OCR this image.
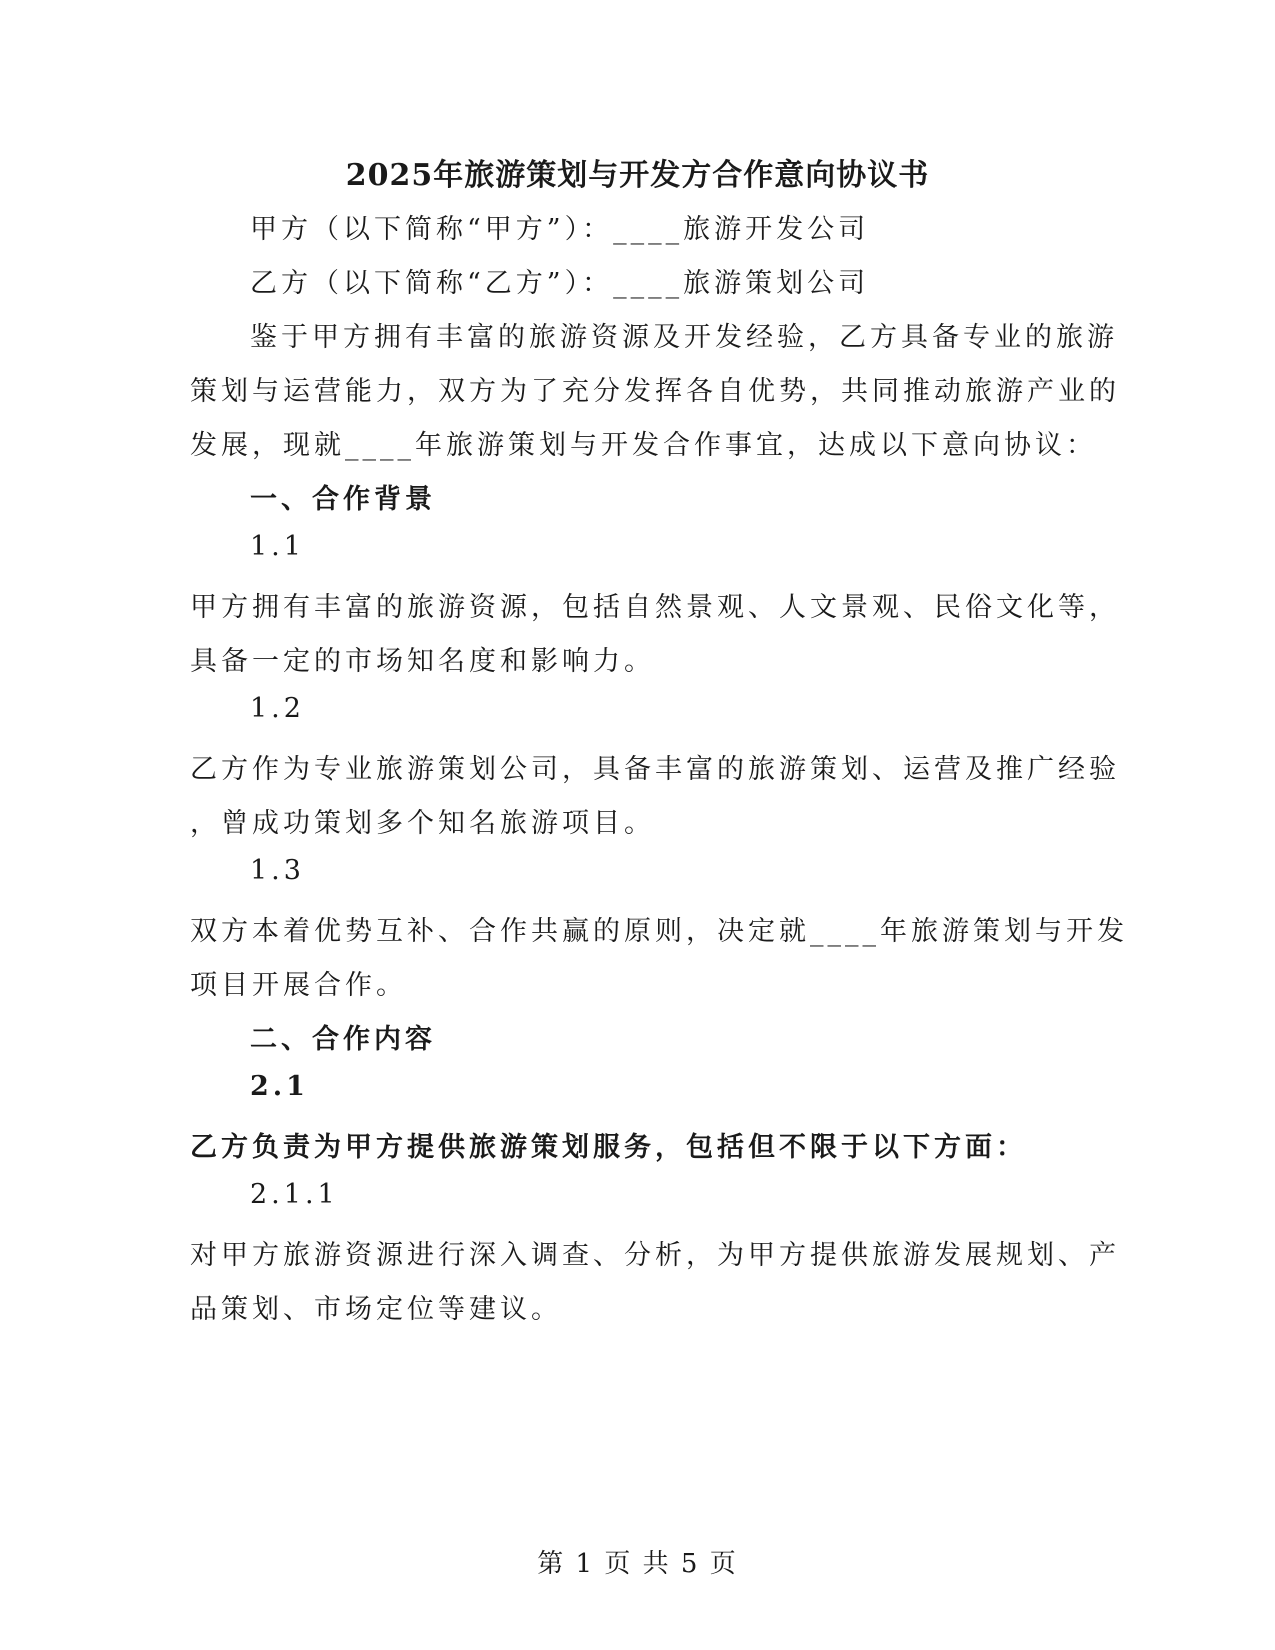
2025年旅游策划与开发方合作意向协议书
甲方（以下简称“甲方”）：____旅游开发公司
乙方（以下简称“乙方”）：____旅游策划公司
鉴于甲方拥有丰富的旅游资源及开发经验，乙方具备专业的旅游
策划与运营能力，双方为了充分发挥各自优势，共同推动旅游产业的
发展，现就____年旅游策划与开发合作事宜，达成以下意向协议：
一、合作背景
1.1
甲方拥有丰富的旅游资源，包括自然景观、人文景观、民俗文化等，
具备一定的市场知名度和影响力。
1.2
乙方作为专业旅游策划公司，具备丰富的旅游策划、运营及推广经验
，曾成功策划多个知名旅游项目。
1.3
双方本着优势互补、合作共赢的原则，决定就____年旅游策划与开发
项目开展合作。
二、合作内容
2.1
乙方负责为甲方提供旅游策划服务，包括但不限于以下方面：
2.1.1
对甲方旅游资源进行深入调查、分析，为甲方提供旅游发展规划、产
品策划、市场定位等建议。
第 1 页 共 5 页
